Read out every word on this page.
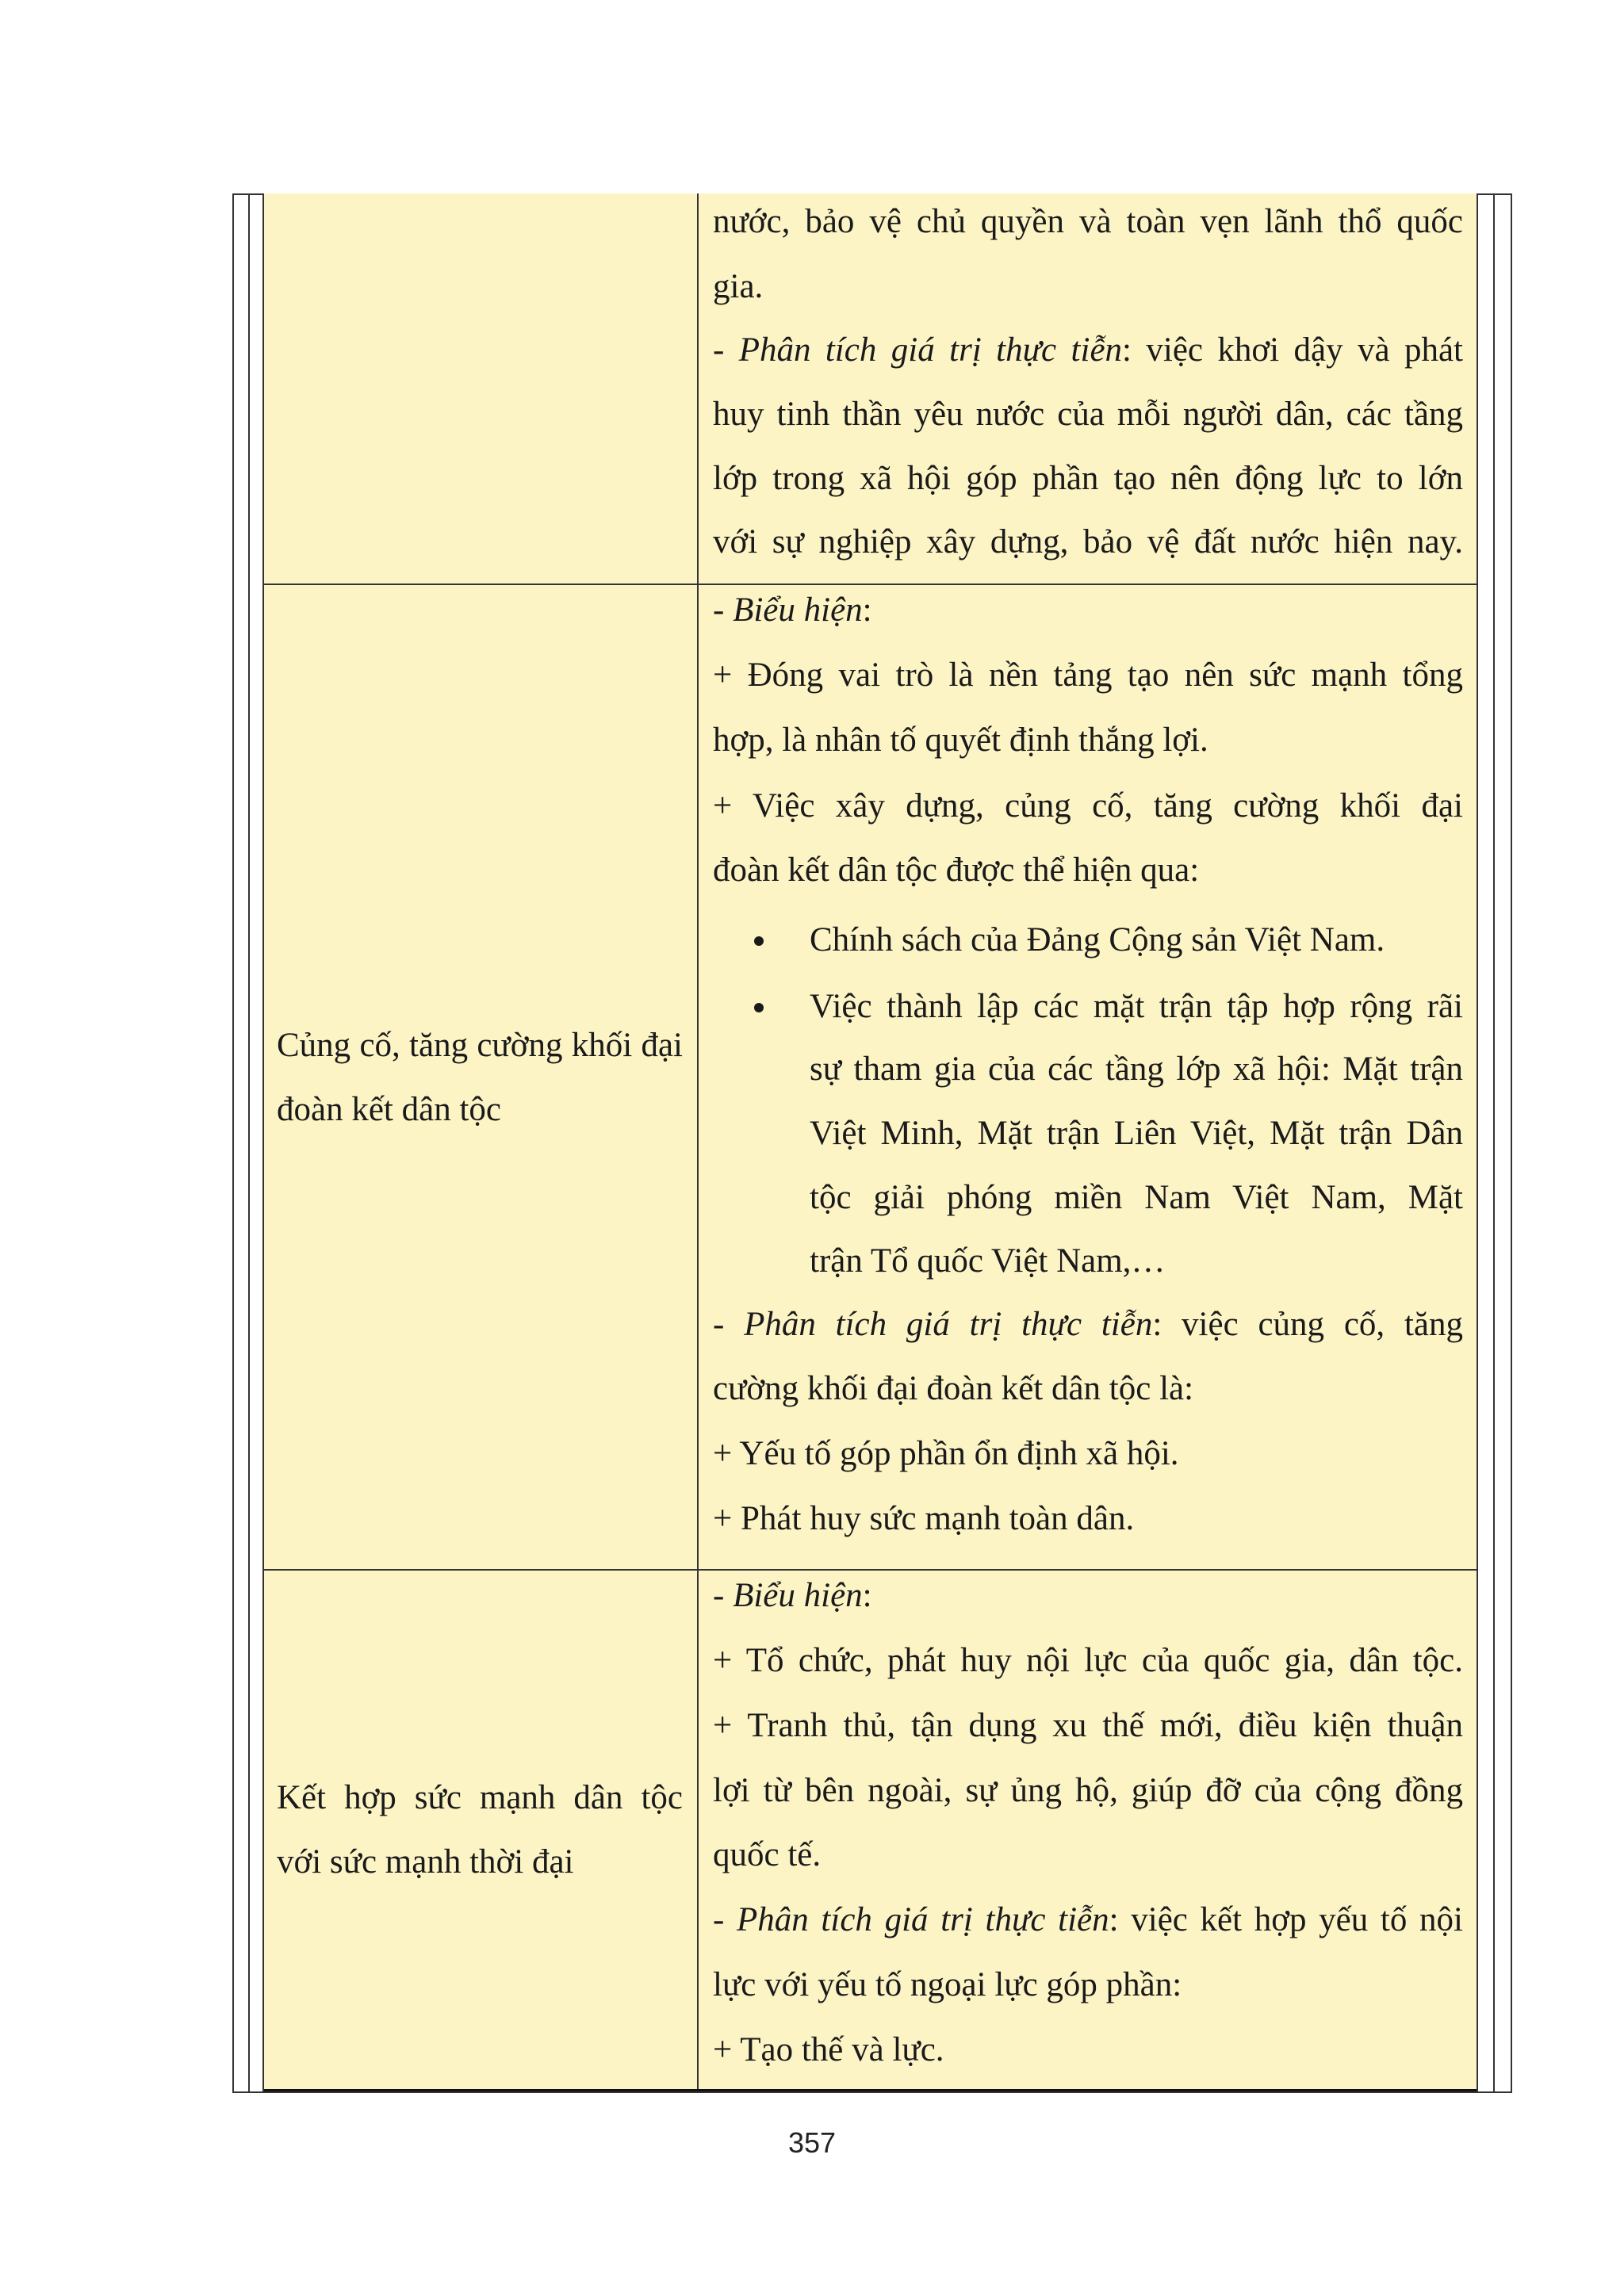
nước, bảo vệ chủ quyền và toàn vẹn lãnh thổ quốc
gia.
- Phân tích giá trị thực tiễn: việc khơi dậy và phát
huy tinh thần yêu nước của mỗi người dân, các tầng
lớp trong xã hội góp phần tạo nên động lực to lớn
với sự nghiệp xây dựng, bảo vệ đất nước hiện nay.
Củng cố, tăng cường khối đại đoàn kết dân tộc
- Biểu hiện:
+ Đóng vai trò là nền tảng tạo nên sức mạnh tổng
hợp, là nhân tố quyết định thắng lợi.
+ Việc xây dựng, củng cố, tăng cường khối đại
đoàn kết dân tộc được thể hiện qua:
Chính sách của Đảng Cộng sản Việt Nam.
Việc thành lập các mặt trận tập hợp rộng rãi
sự tham gia của các tầng lớp xã hội: Mặt trận
Việt Minh, Mặt trận Liên Việt, Mặt trận Dân
tộc giải phóng miền Nam Việt Nam, Mặt
trận Tổ quốc Việt Nam,…
- Phân tích giá trị thực tiễn: việc củng cố, tăng
cường khối đại đoàn kết dân tộc là:
+ Yếu tố góp phần ổn định xã hội.
+ Phát huy sức mạnh toàn dân.
Kết hợp sức mạnh dân tộc với sức mạnh thời đại
- Biểu hiện:
+ Tổ chức, phát huy nội lực của quốc gia, dân tộc.
+ Tranh thủ, tận dụng xu thế mới, điều kiện thuận
lợi từ bên ngoài, sự ủng hộ, giúp đỡ của cộng đồng
quốc tế.
- Phân tích giá trị thực tiễn: việc kết hợp yếu tố nội
lực với yếu tố ngoại lực góp phần:
+ Tạo thế và lực.
357
